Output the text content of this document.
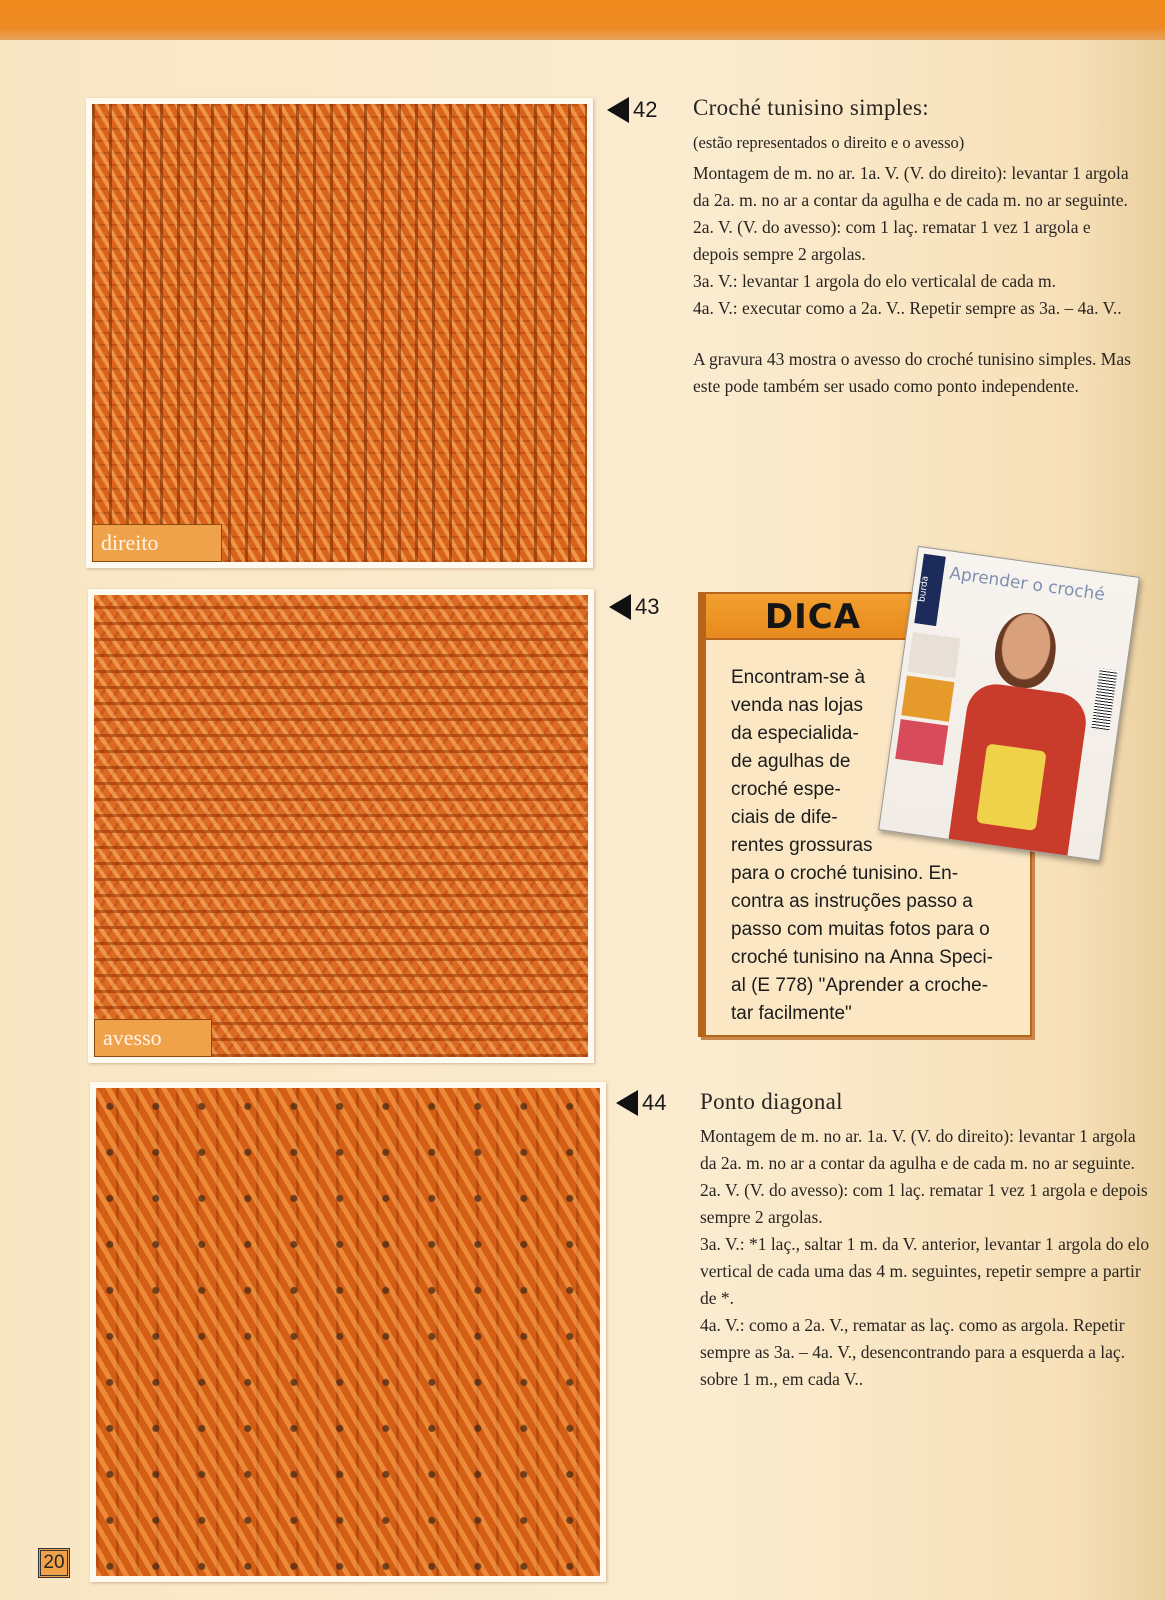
direito
avesso
42 Croché tunisino simples:

(estão representados o direito e o avesso)

Montagem de m. no ar. 1a. V. (V. do direito): levantar 1 argola da 2a. m. no ar a contar da agulha e de cada m. no ar seguinte.

2a. V. (V. do avesso): com 1 laç. rematar 1 vez 1 argola e depois sempre 2 argolas.

3a. V.: levantar 1 argola do elo verticalal de cada m.

4a. V.: executar como a 2a. V.. Repetir sempre as 3a. – 4a. V..

A gravura 43 mostra o avesso do croché tunisino simples. Mas este pode também ser usado como ponto independente.

43	DICA
Encontram-se à
venda nas lojas
da especialida-
de agulhas de
croché espe-
ciais de dife-
rentes grossuras
para o croché tunisino. En-
contra as instruções passo a
passo com muitas fotos para o
croché tunisino na Anna Speci-
al (E 778) "Aprender a croche-
tar facilmente"
burda	Aprender o croché
44 Ponto diagonal

Montagem de m. no ar. 1a. V. (V. do direito): levantar 1 argola da 2a. m. no ar a contar da agulha e de cada m. no ar seguinte.

2a. V. (V. do avesso): com 1 laç. rematar 1 vez 1 argola e depois sempre 2 argolas.

3a. V.: *1 laç., saltar 1 m. da V. anterior, levantar 1 argola do elo vertical de cada uma das 4 m. seguintes, repetir sempre a partir de *.

4a. V.: como a 2a. V., rematar as laç. como as argola. Repetir sempre as 3a. – 4a. V., desencontrando para a esquerda a laç. sobre 1 m., em cada V..

20
